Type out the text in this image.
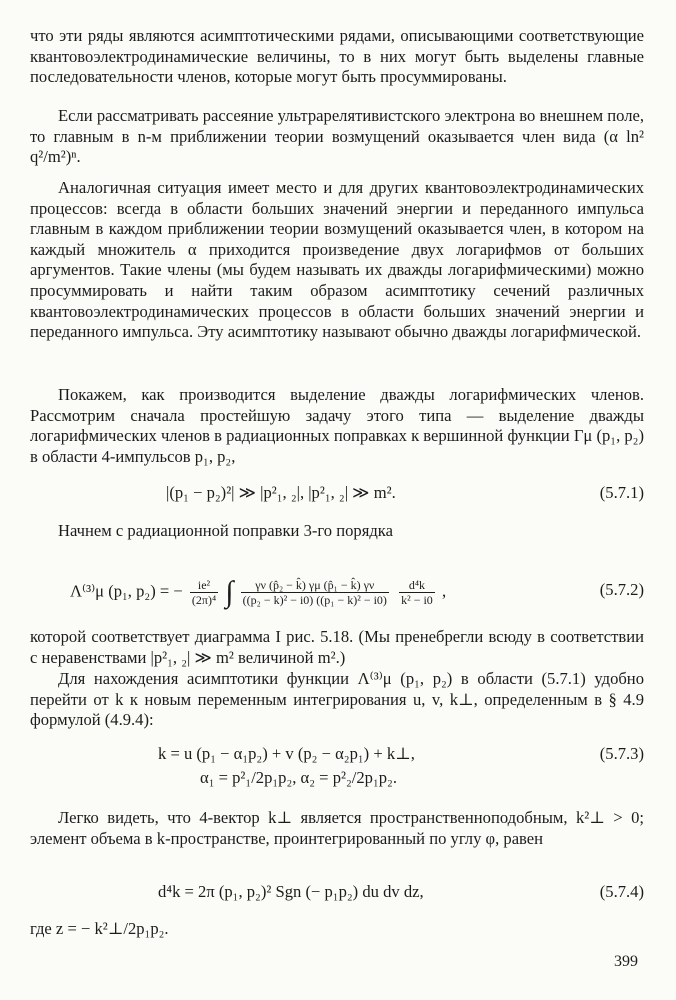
что эти ряды являются асимптотическими рядами, описывающими соответствующие квантовоэлектродинамические величины, то в них могут быть выделены главные последовательности членов, которые могут быть просуммированы.

Если рассматривать рассеяние ультрарелятивистского электрона во внешнем поле, то главным в n-м приближении теории возмущений оказывается член вида (α ln² q²/m²)ⁿ.

Аналогичная ситуация имеет место и для других квантовоэлектродинамических процессов: всегда в области больших значений энергии и переданного импульса главным в каждом приближении теории возмущений оказывается член, в котором на каждый множитель α приходится произведение двух логарифмов от больших аргументов. Такие члены (мы будем называть их дважды логарифмическими) можно просуммировать и найти таким образом асимптотику сечений различных квантовоэлектродинамических процессов в области больших значений энергии и переданного импульса. Эту асимптотику называют обычно дважды логарифмической.

Покажем, как производится выделение дважды логарифмических членов. Рассмотрим сначала простейшую задачу этого типа — выделение дважды логарифмических членов в радиационных поправках к вершинной функции Γμ (p₁, p₂) в области 4-импульсов p₁, p₂,

|(p₁ − p₂)²| ≫ |p²₁, ₂|, |p²₁, ₂| ≫ m².	(5.7.1)

Начнем с радиационной поправки 3-го порядка

Λ⁽³⁾μ (p₁, p₂) = − $\frac{\text{ie²}}{\text{(2π)⁴}}$ ∫ $\frac{\text{γν (p̂₂ − k̂) γμ (p̂₁ − k̂) γν}}{\text{((p₂ − k)² − i0) ((p₁ − k)² − i0)}}$
$\frac{\text{d⁴k}}{\text{k² − i0}}$ ,	(5.7.2)

которой соответствует диаграмма I рис. 5.18. (Мы пренебрегли всюду в соответствии с неравенствами |p²₁, ₂| ≫ m² величиной m².)

Для нахождения асимптотики функции Λ⁽³⁾μ (p₁, p₂) в области (5.7.1) удобно перейти от k к новым переменным интегрирования u, v, k⊥, определенным в § 4.9 формулой (4.9.4):

k = u (p₁ − α₁p₂) + v (p₂ − α₂p₁) + k⊥,
α₁ = p²₁/2p₁p₂, α₂ = p²₂/2p₁p₂.
(5.7.3)

Легко видеть, что 4-вектор k⊥ является пространственноподобным, k²⊥ > 0; элемент объема в k-пространстве, проинтегрированный по углу φ, равен

d⁴k = 2π (p₁, p₂)² Sgn (− p₁p₂) du dv dz,	(5.7.4)

где z = − k²⊥/2p₁p₂.

399
